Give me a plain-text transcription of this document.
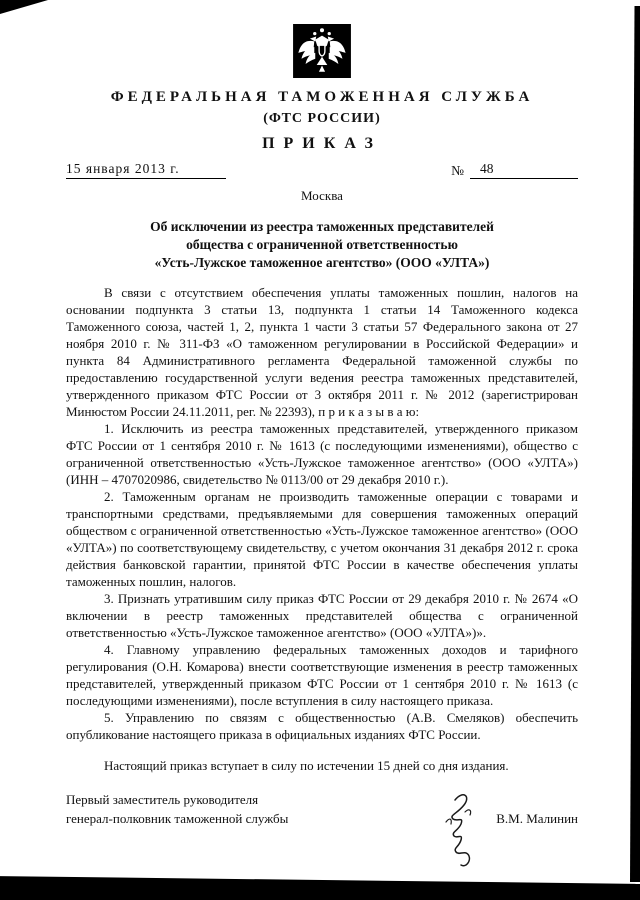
ФЕДЕРАЛЬНАЯ ТАМОЖЕННАЯ СЛУЖБА
(ФТС РОССИИ)
ПРИКАЗ
15 января 2013 г.	№	48
Москва
Об исключении из реестра таможенных представителей
общества с ограниченной ответственностью
«Усть-Лужское таможенное агентство» (ООО «УЛТА»)

В связи с отсутствием обеспечения уплаты таможенных пошлин, налогов на основании подпункта 3 статьи 13, подпункта 1 статьи 14 Таможенного кодекса Таможенного союза, частей 1, 2, пункта 1 части 3 статьи 57 Федерального закона от 27 ноября 2010 г. № 311-ФЗ «О таможенном регулировании в Российской Федерации» и пункта 84 Административного регламента Федеральной таможенной службы по предоставлению государственной услуги ведения реестра таможенных представителей, утвержденного приказом ФТС России от 3 октября 2011 г. № 2012 (зарегистрирован Минюстом России 24.11.2011, рег. № 22393), п р и к а з ы в а ю:

1. Исключить из реестра таможенных представителей, утвержденного приказом ФТС России от 1 сентября 2010 г. № 1613 (с последующими изменениями), общество с ограниченной ответственностью «Усть-Лужское таможенное агентство» (ООО «УЛТА») (ИНН – 4707020986, свидетельство № 0113/00 от 29 декабря 2010 г.).

2. Таможенным органам не производить таможенные операции с товарами и транспортными средствами, предъявляемыми для совершения таможенных операций обществом с ограниченной ответственностью «Усть-Лужское таможенное агентство» (ООО «УЛТА») по соответствующему свидетельству, с учетом окончания 31 декабря 2012 г. срока действия банковской гарантии, принятой ФТС России в качестве обеспечения уплаты таможенных пошлин, налогов.

3. Признать утратившим силу приказ ФТС России от 29 декабря 2010 г. № 2674 «О включении в реестр таможенных представителей общества с ограниченной ответственностью «Усть-Лужское таможенное агентство» (ООО «УЛТА»)».

4. Главному управлению федеральных таможенных доходов и тарифного регулирования (О.Н. Комарова) внести соответствующие изменения в реестр таможенных представителей, утвержденный приказом ФТС России от 1 сентября 2010 г. № 1613 (с последующими изменениями), после вступления в силу настоящего приказа.

5. Управлению по связям с общественностью (А.В. Смеляков) обеспечить опубликование настоящего приказа в официальных изданиях ФТС России.

Настоящий приказ вступает в силу по истечении 15 дней со дня издания.

Первый заместитель руководителя
генерал-полковник таможенной службы	В.М. Малинин
